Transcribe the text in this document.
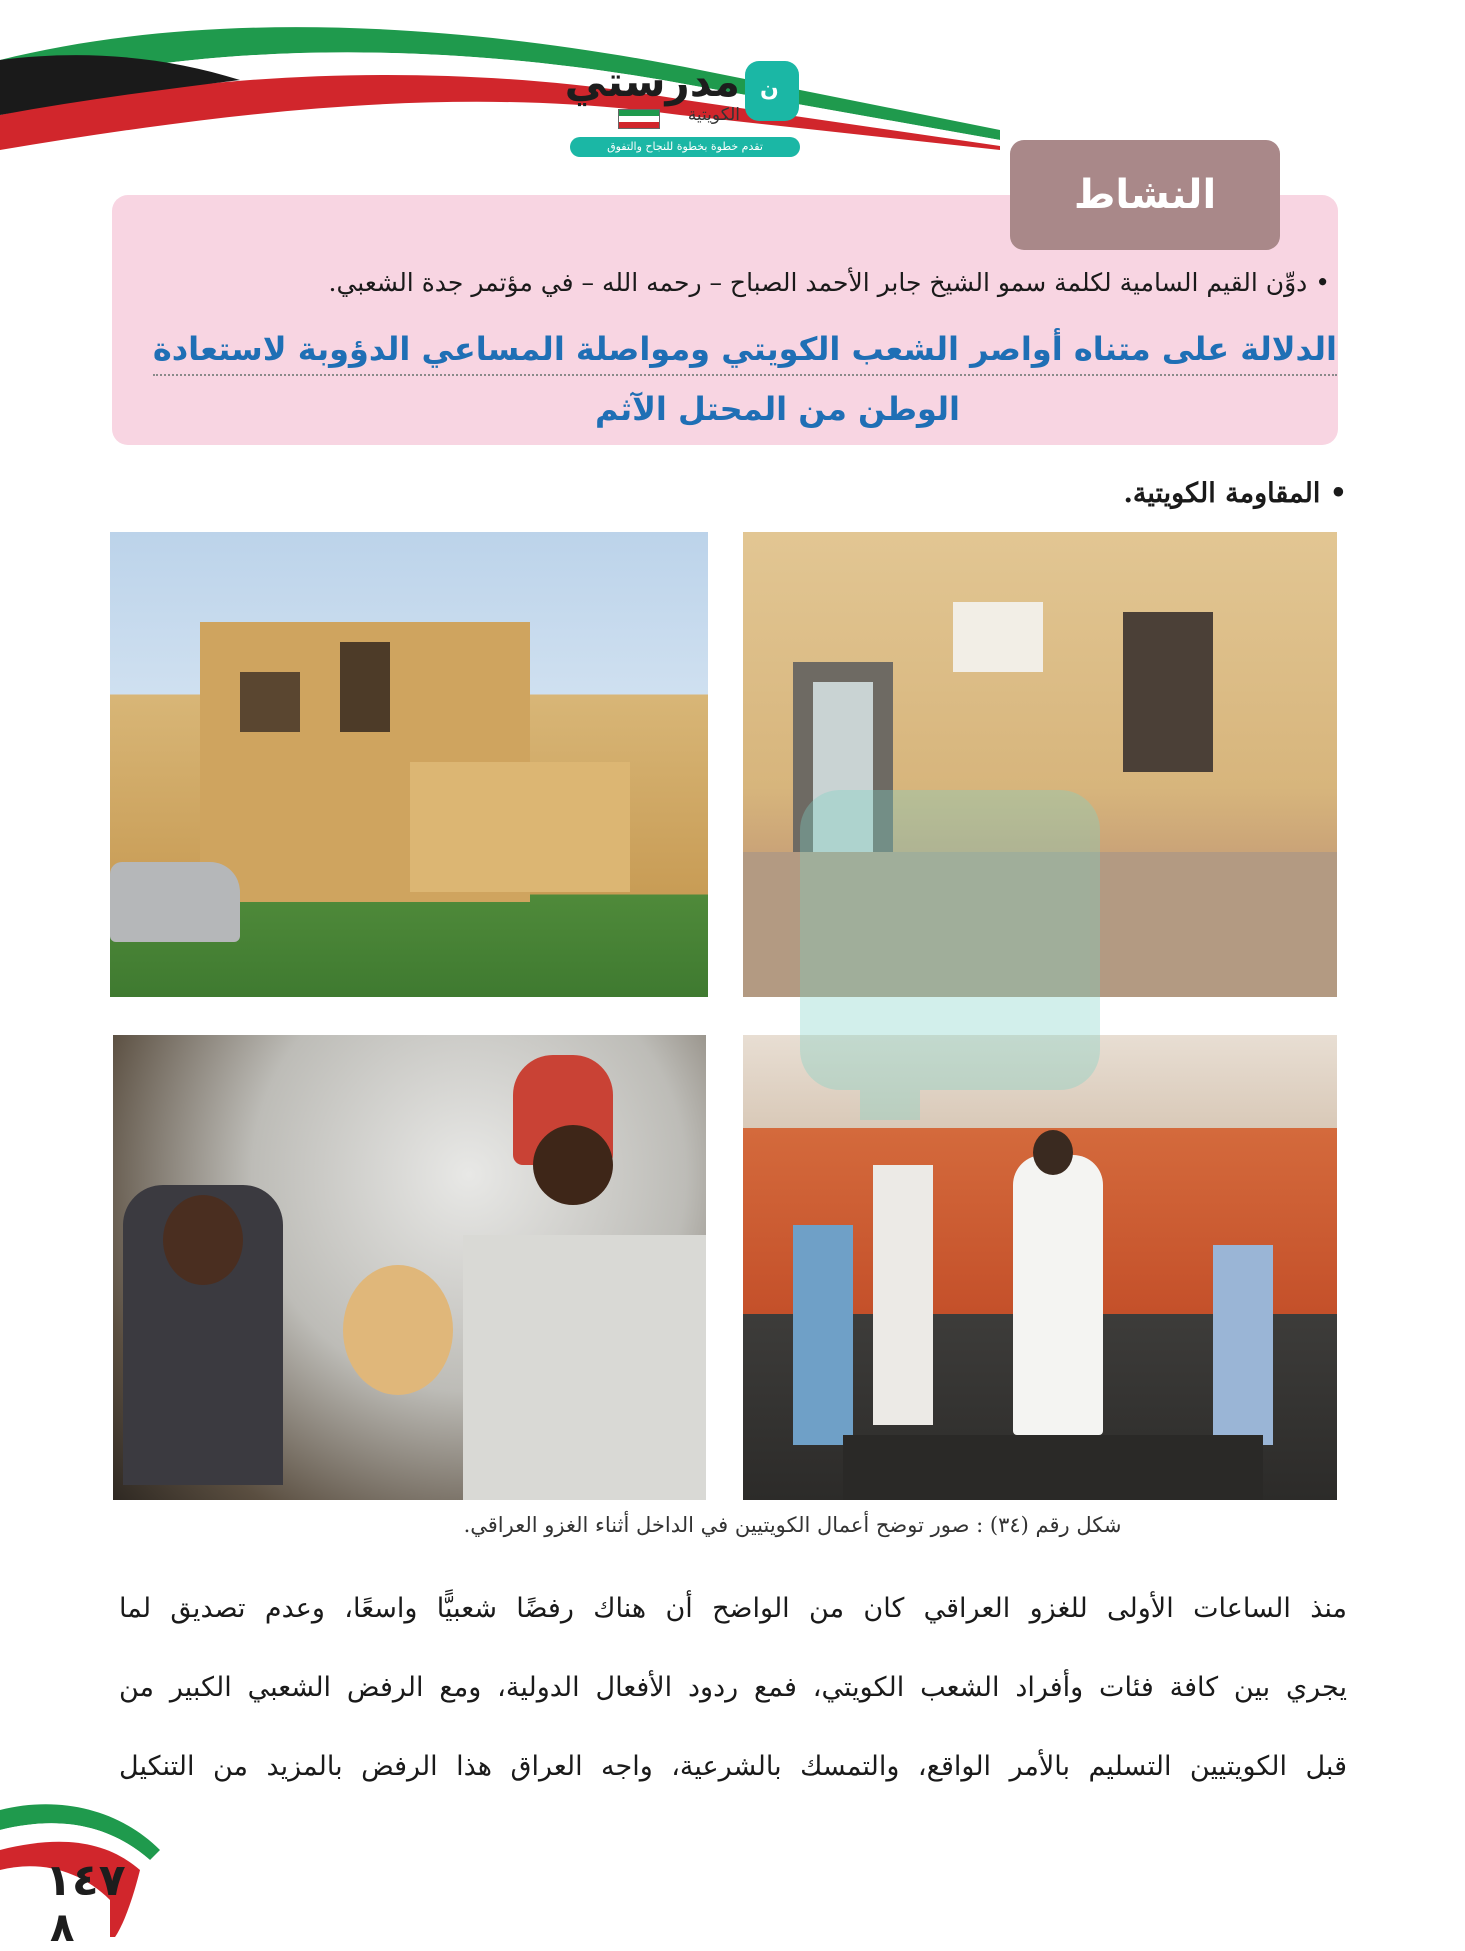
ن
مدرستي
الكويتية
تقدم خطوة بخطوة للنجاح والتفوق
النشاط
• دوِّن القيم السامية لكلمة سمو الشيخ جابر الأحمد الصباح – رحمه الله – في مؤتمر جدة الشعبي.
الدلالة على متناه أواصر الشعب الكويتي ومواصلة المساعي الدؤوبة لاستعادة
الوطن من المحتل الآثم
• المقاومة الكويتية.
شكل رقم (٣٤) : صور توضح أعمال الكويتيين في الداخل أثناء الغزو العراقي.
منذ الساعات الأولى للغزو العراقي كان من الواضح أن هناك رفضًا شعبيًّا واسعًا، وعدم تصديق لما
يجري بين كافة فئات وأفراد الشعب الكويتي، فمع ردود الأفعال الدولية، ومع الرفض الشعبي الكبير من
قبل الكويتيين التسليم بالأمر الواقع، والتمسك بالشرعية، واجه العراق هذا الرفض بالمزيد من التنكيل
١٤٧
٨
